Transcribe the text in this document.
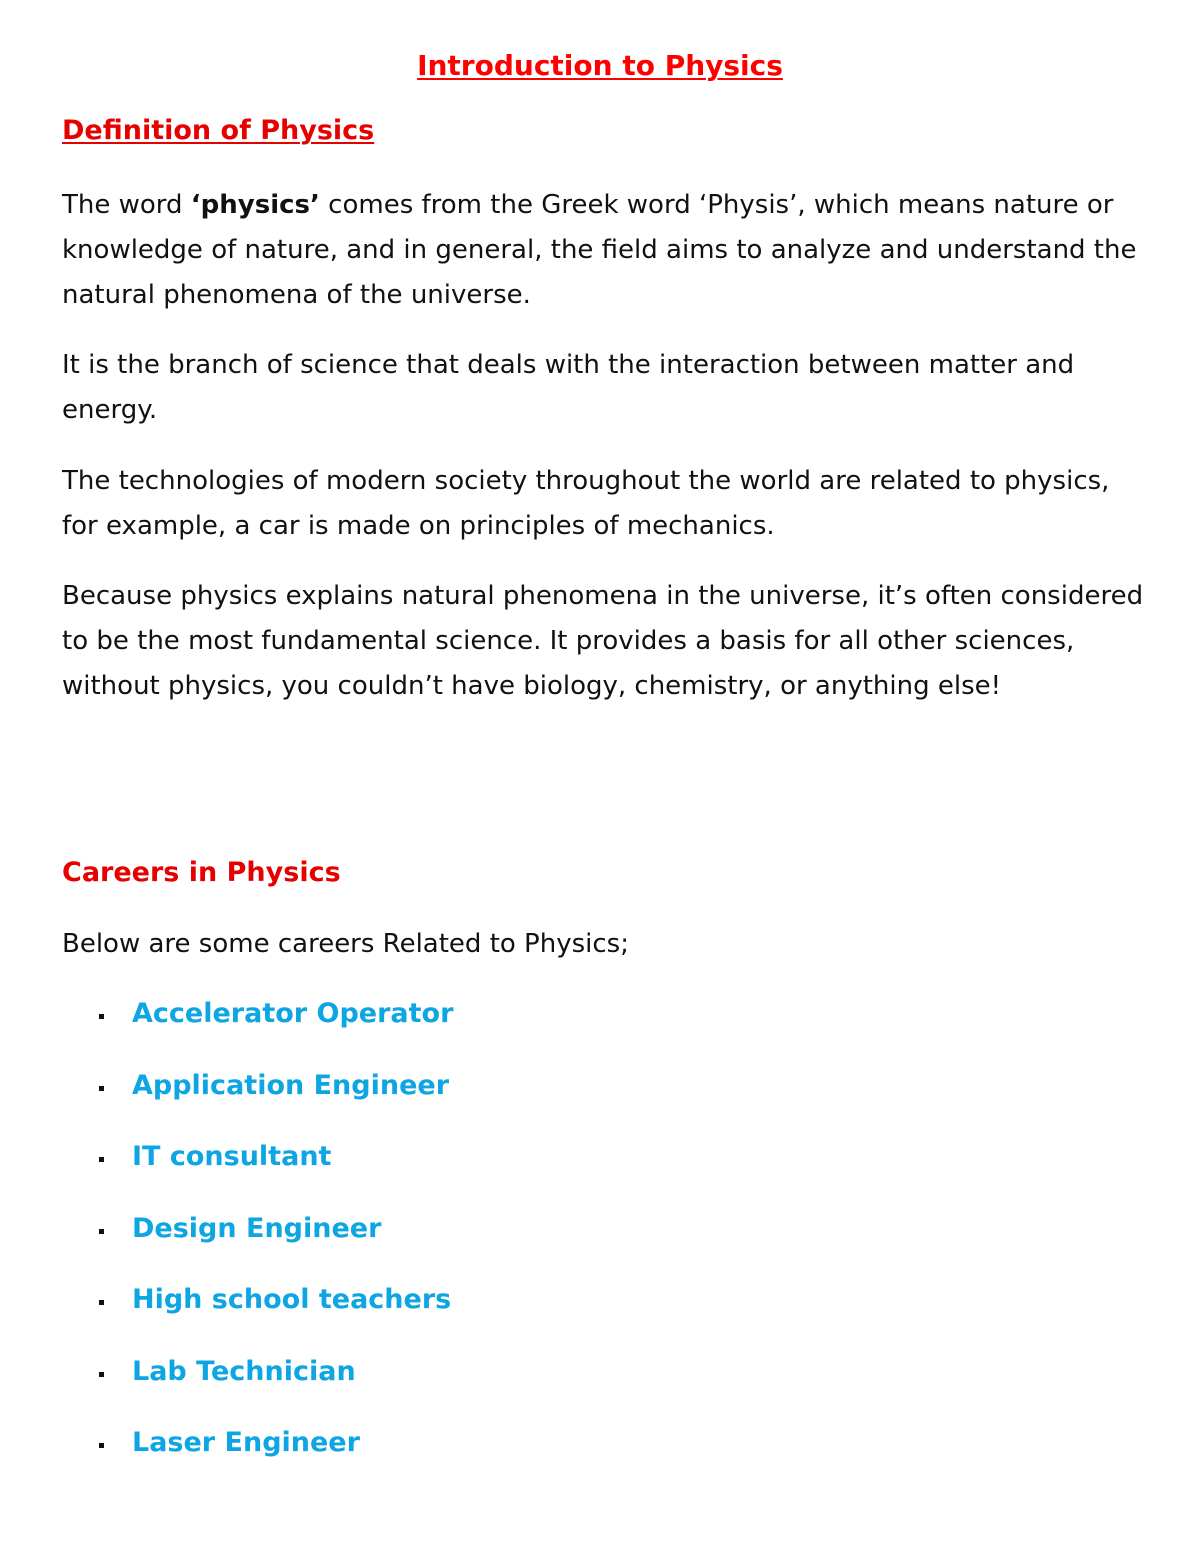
Introduction to Physics
Definition of Physics

The word ‘physics’ comes from the Greek word ‘Physis’, which means nature or knowledge of nature, and in general, the field aims to analyze and understand the natural phenomena of the universe.

It is the branch of science that deals with the interaction between matter and energy.

The technologies of modern society throughout the world are related to physics, for example, a car is made on principles of mechanics.

Because physics explains natural phenomena in the universe, it’s often considered to be the most fundamental science. It provides a basis for all other sciences, without physics, you couldn’t have biology, chemistry, or anything else!

Careers in Physics
Below are some careers Related to Physics;
Accelerator Operator
Application Engineer
IT consultant
Design Engineer
High school teachers
Lab Technician
Laser Engineer
